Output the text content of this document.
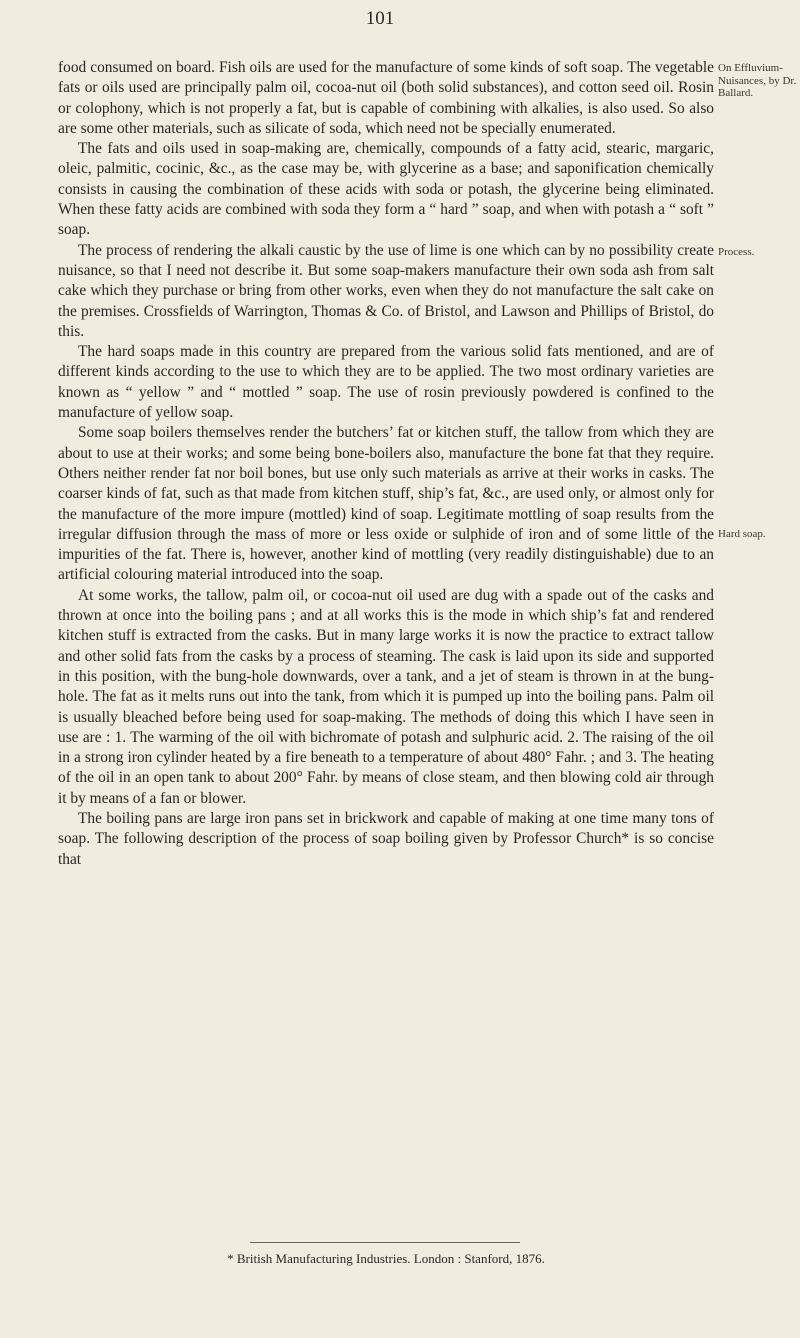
101
On Effluvium-Nuisances, by Dr. Ballard.
Process.
Hard soap.

food consumed on board. Fish oils are used for the manufacture of some kinds of soft soap. The vegetable fats or oils used are principally palm oil, cocoa-nut oil (both solid substances), and cotton seed oil. Rosin or colophony, which is not properly a fat, but is capable of combining with alkalies, is also used. So also are some other materials, such as silicate of soda, which need not be specially enumerated.

The fats and oils used in soap-making are, chemically, compounds of a fatty acid, stearic, margaric, oleic, palmitic, cocinic, &c., as the case may be, with glycerine as a base; and saponification chemically consists in causing the combination of these acids with soda or potash, the glycerine being eliminated. When these fatty acids are combined with soda they form a “ hard ” soap, and when with potash a “ soft ” soap.

The process of rendering the alkali caustic by the use of lime is one which can by no possibility create nuisance, so that I need not describe it. But some soap-makers manufacture their own soda ash from salt cake which they purchase or bring from other works, even when they do not manufacture the salt cake on the premises. Crossfields of Warrington, Thomas & Co. of Bristol, and Lawson and Phillips of Bristol, do this.

The hard soaps made in this country are prepared from the various solid fats mentioned, and are of different kinds according to the use to which they are to be applied. The two most ordinary varieties are known as “ yellow ” and “ mottled ” soap. The use of rosin previously powdered is confined to the manufacture of yellow soap.

Some soap boilers themselves render the butchers’ fat or kitchen stuff, the tallow from which they are about to use at their works; and some being bone-boilers also, manufacture the bone fat that they require. Others neither render fat nor boil bones, but use only such materials as arrive at their works in casks. The coarser kinds of fat, such as that made from kitchen stuff, ship’s fat, &c., are used only, or almost only for the manufacture of the more impure (mottled) kind of soap. Legitimate mottling of soap results from the irregular diffusion through the mass of more or less oxide or sulphide of iron and of some little of the impurities of the fat. There is, however, another kind of mottling (very readily distinguishable) due to an artificial colouring material introduced into the soap.

At some works, the tallow, palm oil, or cocoa-nut oil used are dug with a spade out of the casks and thrown at once into the boiling pans ; and at all works this is the mode in which ship’s fat and rendered kitchen stuff is extracted from the casks. But in many large works it is now the practice to extract tallow and other solid fats from the casks by a process of steaming. The cask is laid upon its side and supported in this position, with the bung-hole downwards, over a tank, and a jet of steam is thrown in at the bung-hole. The fat as it melts runs out into the tank, from which it is pumped up into the boiling pans. Palm oil is usually bleached before being used for soap-making. The methods of doing this which I have seen in use are : 1. The warming of the oil with bichromate of potash and sulphuric acid. 2. The raising of the oil in a strong iron cylinder heated by a fire beneath to a temperature of about 480° Fahr. ; and 3. The heating of the oil in an open tank to about 200° Fahr. by means of close steam, and then blowing cold air through it by means of a fan or blower.

The boiling pans are large iron pans set in brickwork and capable of making at one time many tons of soap. The following description of the process of soap boiling given by Professor Church* is so concise that

* British Manufacturing Industries. London : Stanford, 1876.
